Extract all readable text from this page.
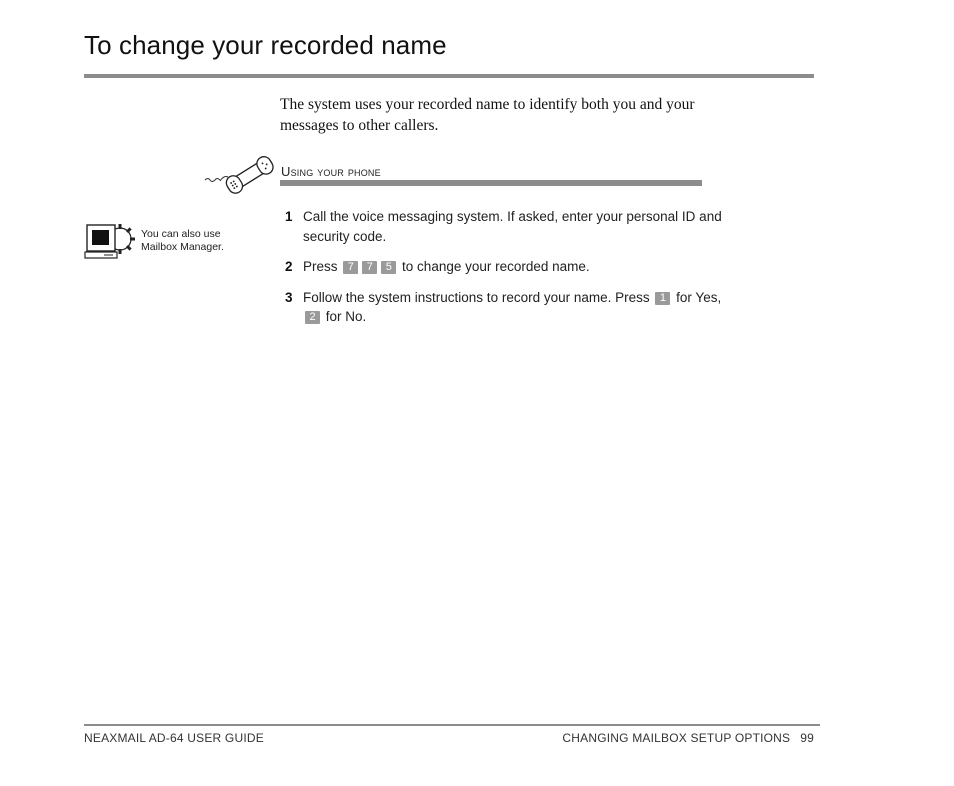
To change your recorded name

The system uses your recorded name to identify both you and your messages to other callers.

Using your phone
You can also use
Mailbox Manager.
1 Call the voice messaging system. If asked, enter your personal ID and security code.
2 Press 7 7 5 to change your recorded name.
3 Follow the system instructions to record your name. Press 1 for Yes, 2 for No.
NEAXMAIL AD-64 USER GUIDE	CHANGING MAILBOX SETUP OPTIONS 99
